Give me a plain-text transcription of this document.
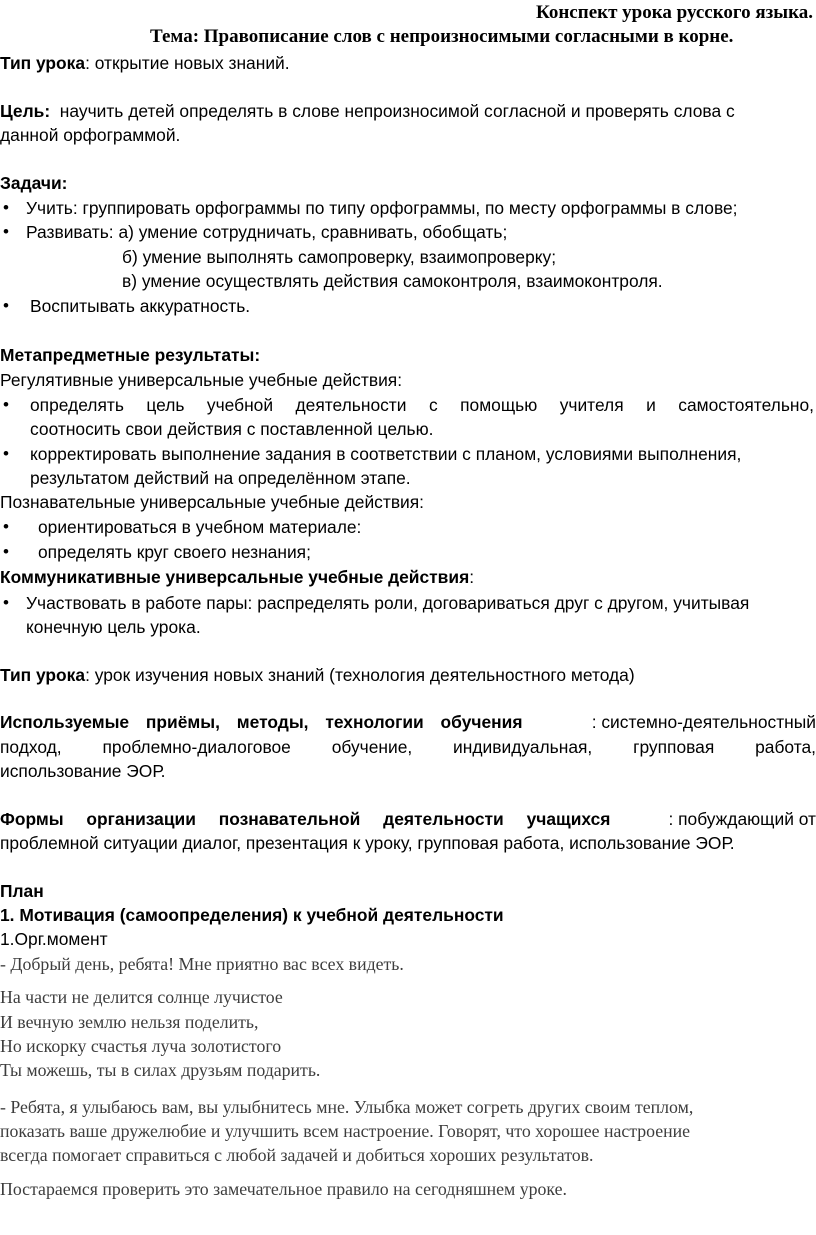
Конспект урока русского языка.
Тема: Правописание слов с непроизносимыми согласными в корне.
Тип урока: открытие новых знаний.
Цель: научить детей определять в слове непроизносимой согласной и проверять слова с
данной орфограммой.
Задачи:
• Учить: группировать орфограммы по типу орфограммы, по месту орфограммы в слове;
• Развивать: а) умение сотрудничать, сравнивать, обобщать;
б) умение выполнять самопроверку, взаимопроверку;
в) умение осуществлять действия самоконтроля, взаимоконтроля.
• Воспитывать аккуратность.
Метапредметные результаты:
Регулятивные универсальные учебные действия:
• определять цель учебной деятельности с помощью учителя и самостоятельно,
соотносить свои действия с поставленной целью.
• корректировать выполнение задания в соответствии с планом, условиями выполнения,
результатом действий на определённом этапе.
Познавательные универсальные учебные действия:
• ориентироваться в учебном материале:
• определять круг своего незнания;
Коммуникативные универсальные учебные действия:
• Участвовать в работе пары: распределять роли, договариваться друг с другом, учитывая
конечную цель урока.
Тип урока: урок изучения новых знаний (технология деятельностного метода)
Используемые приёмы, методы, технологии обучения	: системно-деятельностный
подход, проблемно-диалоговое обучение, индивидуальная, групповая работа,
использование ЭОР.
Формы организации познавательной деятельности учащихся	: побуждающий от
проблемной ситуации диалог, презентация к уроку, групповая работа, использование ЭОР.
План
1. Мотивация (самоопределения) к учебной деятельности
1.Орг.момент
- Добрый день, ребята! Мне приятно вас всех видеть.
На части не делится солнце лучистое
И вечную землю нельзя поделить,
Но искорку счастья луча золотистого
Ты можешь, ты в силах друзьям подарить.
- Ребята, я улыбаюсь вам, вы улыбнитесь мне. Улыбка может согреть других своим теплом,
показать ваше дружелюбие и улучшить всем настроение. Говорят, что хорошее настроение
всегда помогает справиться с любой задачей и добиться хороших результатов.
Постараемся проверить это замечательное правило на сегодняшнем уроке.
